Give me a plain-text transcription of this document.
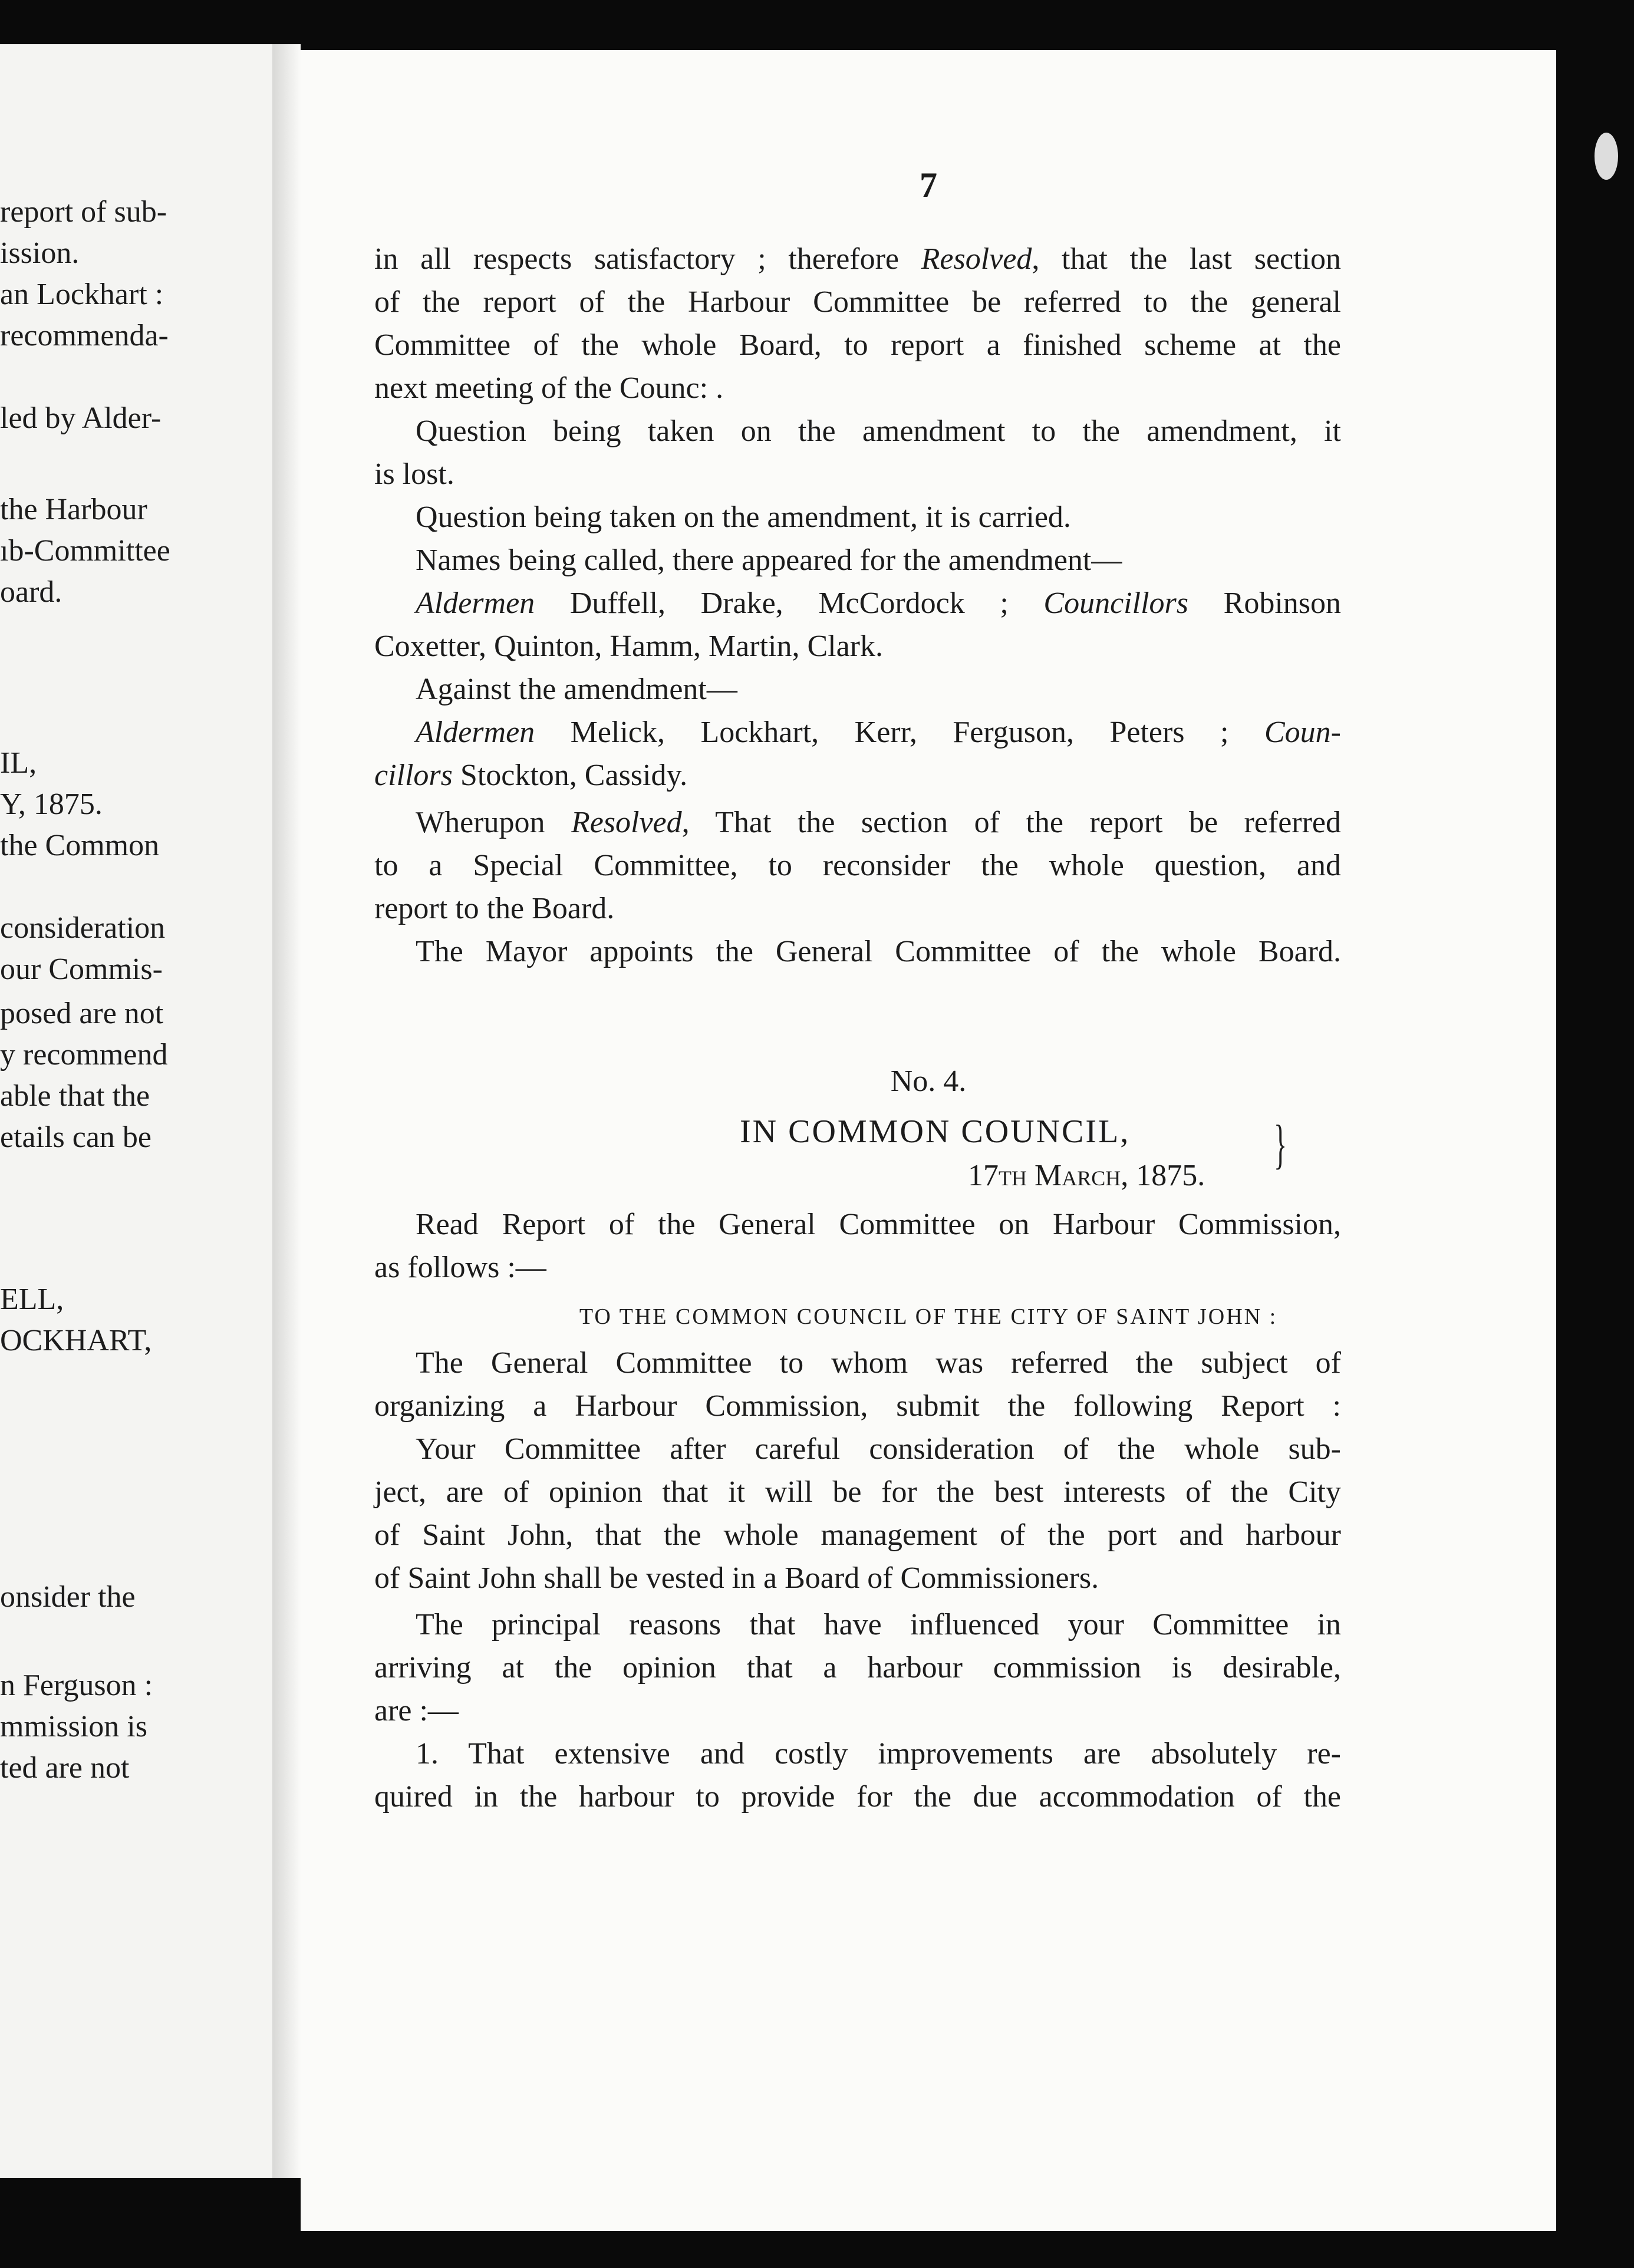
report of sub-
ission.
an Lockhart :
recommenda-
led by Alder-
the Harbour
ıb-Committee
oard.
IL,
Y, 1875.
the Common
consideration
our Commis-
posed are not
y recommend
able that the
etails can be
ELL,
OCKHART,
onsider the
n Ferguson :
mmission is
ted are not
7
in all respects satisfactory ; therefore Resolved, that the last section
of the report of the Harbour Committee be referred to the general
Committee of the whole Board, to report a finished scheme at the
next meeting of the Counc: .
Question being taken on the amendment to the amendment, it
is lost.
Question being taken on the amendment, it is carried.
Names being called, there appeared for the amendment—
Aldermen Duffell, Drake, McCordock ; Councillors Robinson
Coxetter, Quinton, Hamm, Martin, Clark.
Against the amendment—
Aldermen Melick, Lockhart, Kerr, Ferguson, Peters ; Coun-
cillors Stockton, Cassidy.
Wherupon Resolved, That the section of the report be referred
to a Special Committee, to reconsider the whole question, and
report to the Board.
The Mayor appoints the General Committee of the whole Board.
No. 4.
IN COMMON COUNCIL,	}
17th March, 1875.
Read Report of the General Committee on Harbour Commission,
as follows :—
TO THE COMMON COUNCIL OF THE CITY OF SAINT JOHN :
The General Committee to whom was referred the subject of
organizing a Harbour Commission, submit the following Report :
Your Committee after careful consideration of the whole sub-
ject, are of opinion that it will be for the best interests of the City
of Saint John, that the whole management of the port and harbour
of Saint John shall be vested in a Board of Commissioners.
The principal reasons that have influenced your Committee in
arriving at the opinion that a harbour commission is desirable,
are :—
1. That extensive and costly improvements are absolutely re-
quired in the harbour to provide for the due accommodation of the
